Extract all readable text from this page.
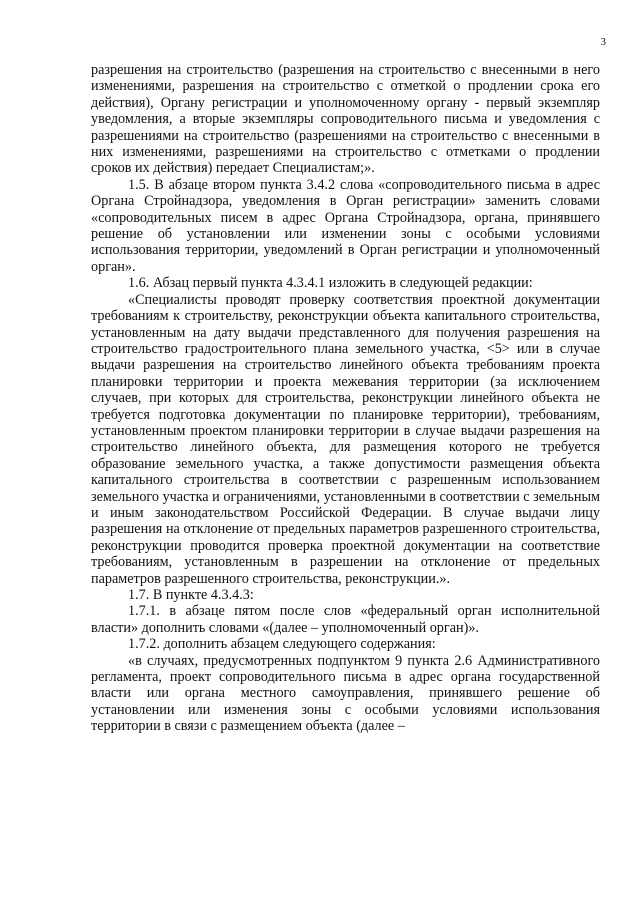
3

разрешения на строительство (разрешения на строительство с внесенными в него изменениями, разрешения на строительство с отметкой о продлении срока его действия), Органу регистрации и уполномоченному органу - первый экземпляр уведомления, а вторые экземпляры сопроводительного письма и уведомления с разрешениями на строительство (разрешениями на строительство с внесенными в них изменениями, разрешениями на строительство с отметками о продлении сроков их действия) передает Специалистам;».

1.5. В абзаце втором пункта 3.4.2 слова «сопроводительного письма в адрес Органа Стройнадзора, уведомления в Орган регистрации» заменить словами «сопроводительных писем в адрес Органа Стройнадзора, органа, принявшего решение об установлении или изменении зоны с особыми условиями использования территории, уведомлений в Орган регистрации и уполномоченный орган».

1.6. Абзац первый пункта 4.3.4.1 изложить в следующей редакции:

«Специалисты проводят проверку соответствия проектной документации требованиям к строительству, реконструкции объекта капитального строительства, установленным на дату выдачи представленного для получения разрешения на строительство градостроительного плана земельного участка, <5> или в случае выдачи разрешения на строительство линейного объекта требованиям проекта планировки территории и проекта межевания территории (за исключением случаев, при которых для строительства, реконструкции линейного объекта не требуется подготовка документации по планировке территории), требованиям, установленным проектом планировки территории в случае выдачи разрешения на строительство линейного объекта, для размещения которого не требуется образование земельного участка, а также допустимости размещения объекта капитального строительства в соответствии с разрешенным использованием земельного участка и ограничениями, установленными в соответствии с земельным и иным законодательством Российской Федерации. В случае выдачи лицу разрешения на отклонение от предельных параметров разрешенного строительства, реконструкции проводится проверка проектной документации на соответствие требованиям, установленным в разрешении на отклонение от предельных параметров разрешенного строительства, реконструкции.».

1.7. В пункте 4.3.4.3:

1.7.1. в абзаце пятом после слов «федеральный орган исполнительной власти» дополнить словами «(далее – уполномоченный орган)».

1.7.2. дополнить абзацем следующего содержания:

«в случаях, предусмотренных подпунктом 9 пункта 2.6 Административного регламента, проект сопроводительного письма в адрес органа государственной власти или органа местного самоуправления, принявшего решение об установлении или изменения зоны с особыми условиями использования территории в связи с размещением объекта (далее –
